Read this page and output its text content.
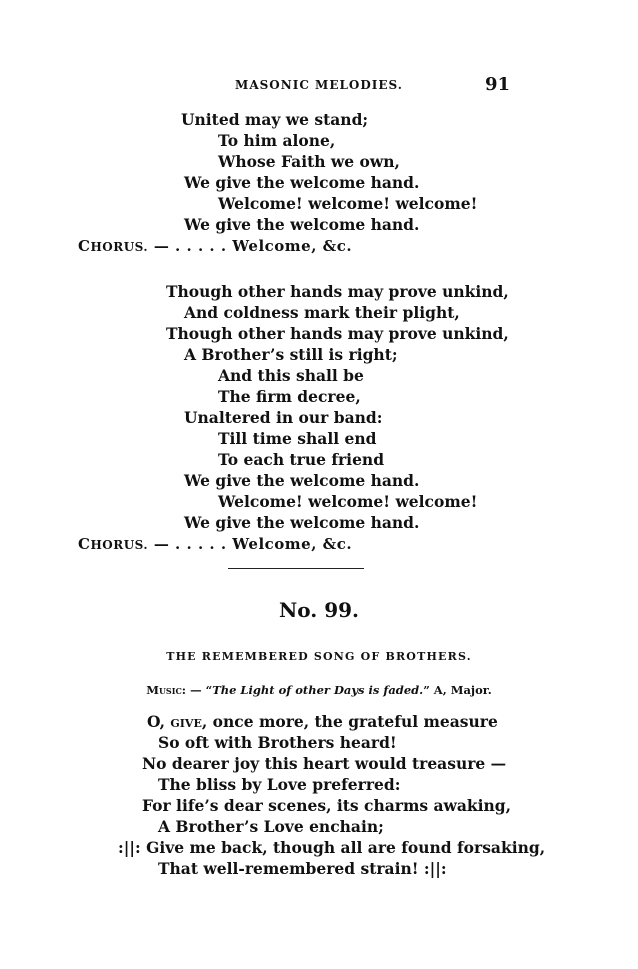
MASONIC MELODIES.	91
United may we stand;
To him alone,
Whose Faith we own,
We give the welcome hand.
Welcome! welcome! welcome!
We give the welcome hand.
CHORUS. — . . . . . Welcome, &c.
Though other hands may prove unkind,
And coldness mark their plight,
Though other hands may prove unkind,
A Brother’s still is right;
And this shall be
The firm decree,
Unaltered in our band:
Till time shall end
To each true friend
We give the welcome hand.
Welcome! welcome! welcome!
We give the welcome hand.
CHORUS. — . . . . . Welcome, &c.
No. 99.
THE REMEMBERED SONG OF BROTHERS.
Music: — “The Light of other Days is faded.” A, Major.
O, give, once more, the grateful measure
So oft with Brothers heard!
No dearer joy this heart would treasure —
The bliss by Love preferred:
For life’s dear scenes, its charms awaking,
A Brother’s Love enchain;
:||: Give me back, though all are found forsaking,
That well-remembered strain! :||:
